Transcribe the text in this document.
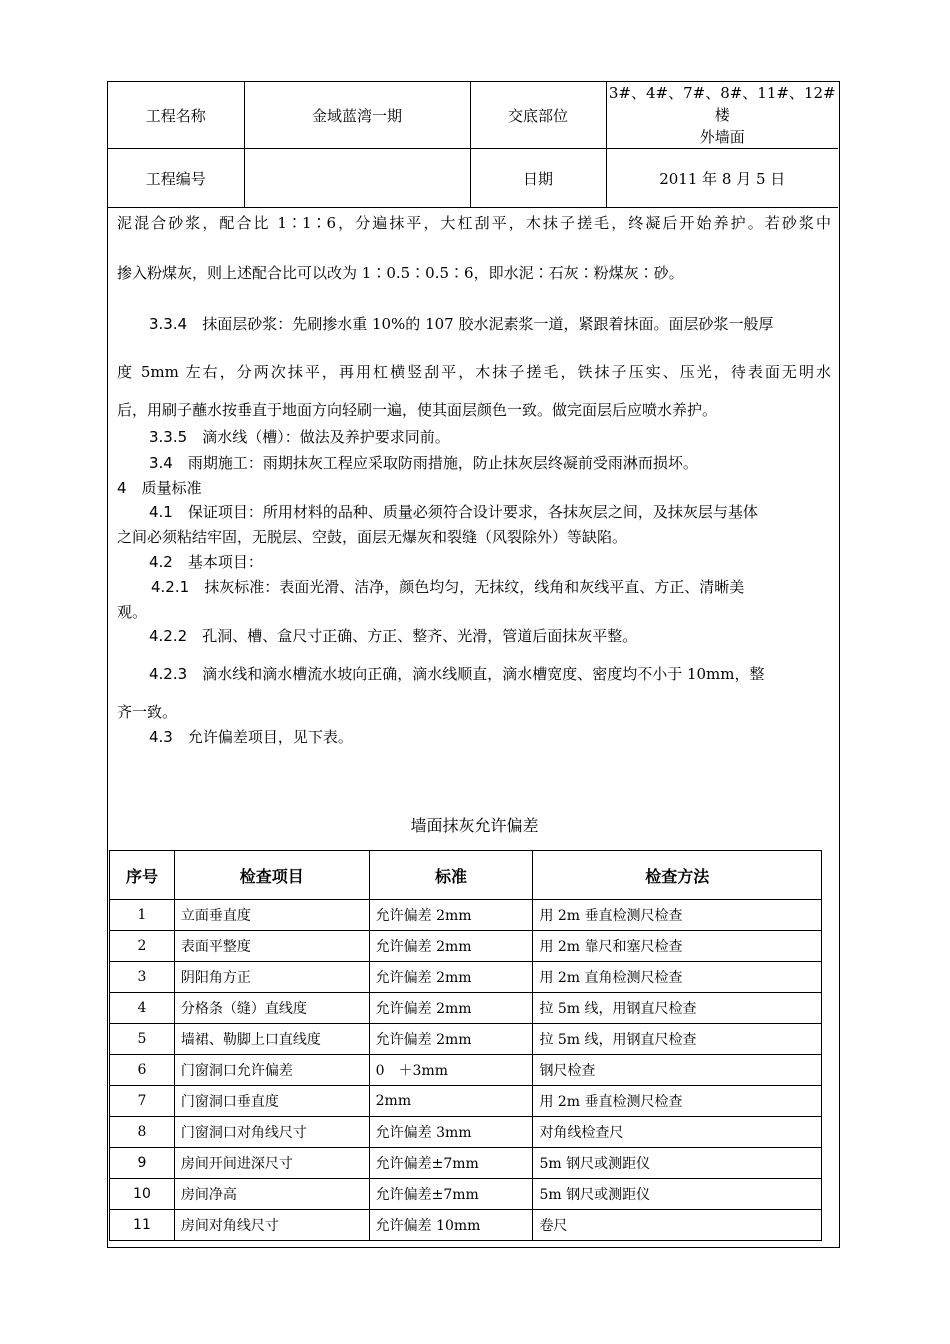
工程名称	金域蓝湾一期	交底部位	3#、4#、7#、8#、11#、12#楼
外墙面

工程编号		日期	2011 年 8 月 5 日
泥混合砂浆，配合比 1∶1∶6，分遍抹平，大杠刮平，木抹子搓毛，终凝后开始养护。若砂浆中
掺入粉煤灰，则上述配合比可以改为 1∶0.5∶0.5∶6，即水泥∶石灰∶粉煤灰∶砂。
3.3.4　 抹面层砂浆：先刷掺水重 10%的 107 胶水泥素浆一道，紧跟着抹面。面层砂浆一般厚
度 5mm 左右，分两次抹平，再用杠横竖刮平，木抹子搓毛，铁抹子压实、压光，待表面无明水
后，用刷子蘸水按垂直于地面方向轻刷一遍，使其面层颜色一致。做完面层后应喷水养护。
3.3.5　 滴水线（槽）：做法及养护要求同前。
3.4　 雨期施工：雨期抹灰工程应采取防雨措施，防止抹灰层终凝前受雨淋而损坏。
4　 质量标准
4.1　 保证项目：所用材料的品种、质量必须符合设计要求，各抹灰层之间，及抹灰层与基体
之间必须粘结牢固，无脱层、空鼓，面层无爆灰和裂缝（风裂除外）等缺陷。
4.2　 基本项目：
4.2.1　 抹灰标准：表面光滑、洁净，颜色均匀，无抹纹，线角和灰线平直、方正、清晰美
观。
4.2.2　 孔洞、槽、盒尺寸正确、方正、整齐、光滑，管道后面抹灰平整。
4.2.3　 滴水线和滴水槽流水坡向正确，滴水线顺直，滴水槽宽度、密度均不小于 10mm，整
齐一致。
4.3　 允许偏差项目，见下表。
墙面抹灰允许偏差
序号	检查项目	标准	检查方法
1	立面垂直度	允许偏差 2mm	用 2m 垂直检测尺检查
2	表面平整度	允许偏差 2mm	用 2m 靠尺和塞尺检查
3	阴阳角方正	允许偏差 2mm	用 2m 直角检测尺检查
4	分格条（缝）直线度	允许偏差 2mm	拉 5m 线，用钢直尺检查
5	墙裙、勒脚上口直线度	允许偏差 2mm	拉 5m 线，用钢直尺检查
6	门窗洞口允许偏差	0　＋3mm	钢尺检查
7	门窗洞口垂直度	2mm	用 2m 垂直检测尺检查
8	门窗洞口对角线尺寸	允许偏差 3mm	对角线检查尺
9	房间开间进深尺寸	允许偏差±7mm	5m 钢尺或测距仪
10	房间净高	允许偏差±7mm	5m 钢尺或测距仪
11	房间对角线尺寸	允许偏差 10mm	卷尺
